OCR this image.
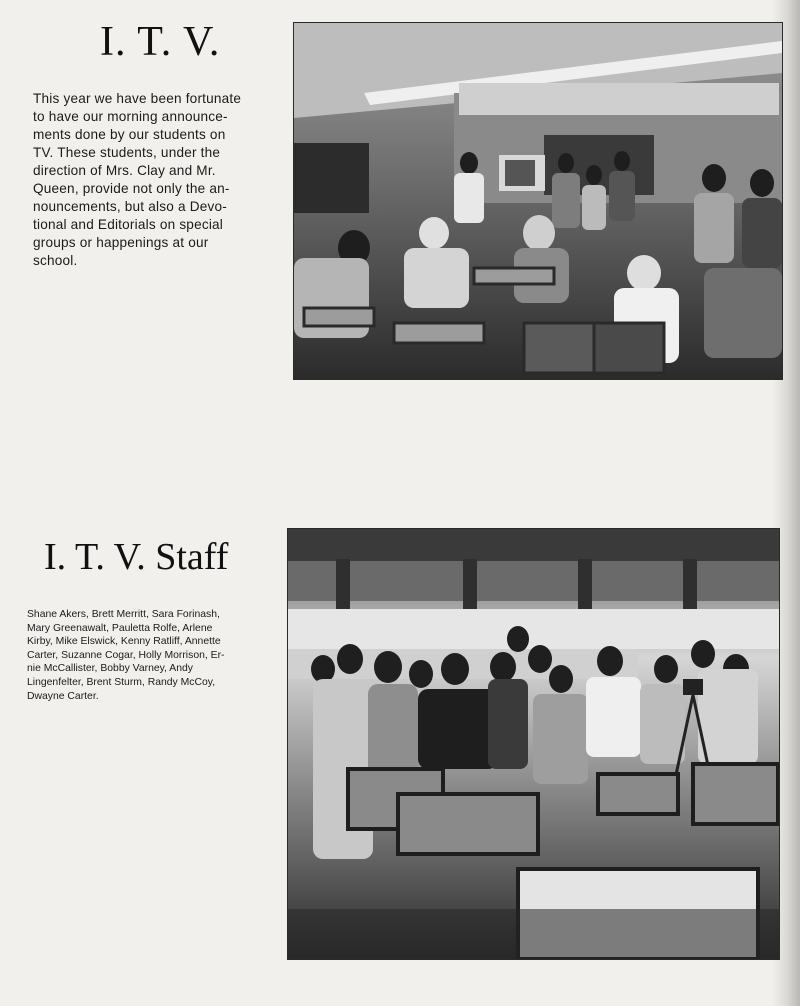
I. T. V.
This year we have been fortunate
to have our morning announce-
ments done by our students on
TV. These students, under the
direction of Mrs. Clay and Mr.
Queen, provide not only the an-
nouncements, but also a Devo-
tional and Editorials on special
groups or happenings at our
school.
I. T. V. Staff
Shane Akers, Brett Merritt, Sara Forinash,
Mary Greenawalt, Pauletta Rolfe, Arlene
Kirby, Mike Elswick, Kenny Ratliff, Annette
Carter, Suzanne Cogar, Holly Morrison, Er-
nie McCallister, Bobby Varney, Andy
Lingenfelter, Brent Sturm, Randy McCoy,
Dwayne Carter.
